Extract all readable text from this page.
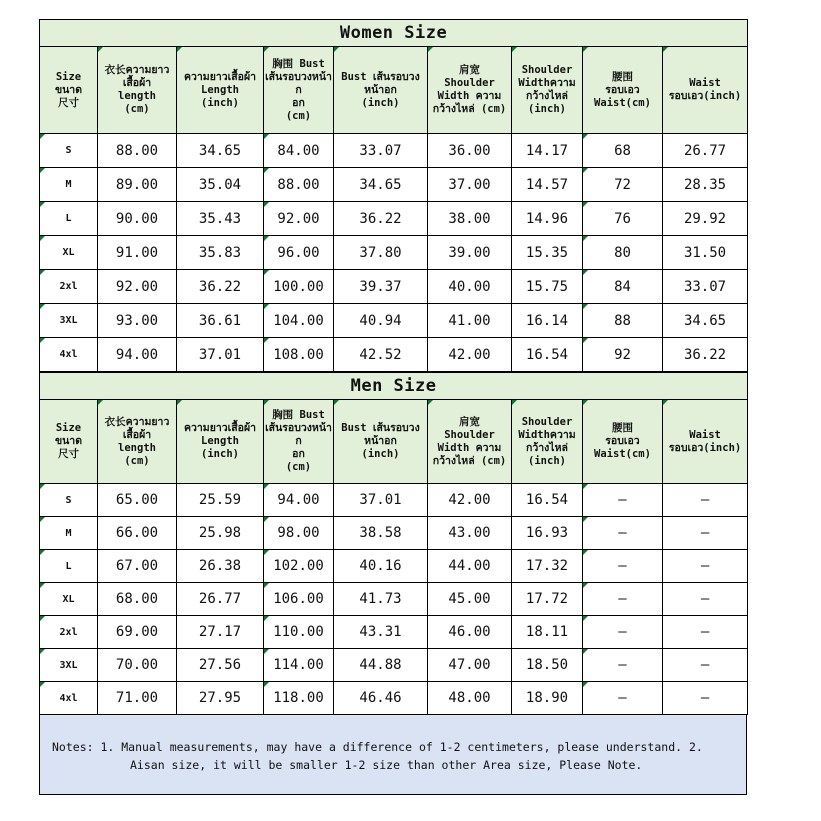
Women Size								

Size
ขนาด
尺寸	衣长ความยาว
เสื้อผ้า
length
(cm)	ความยาวเสื้อผ้า
Length
(inch)	胸围 Bust
เส้นรอบวงหน้าก
อก
(cm)	Bust เส้นรอบวง
หน้าอก
(inch)	肩宽
Shoulder
Width ความ
กว้างไหล่ (cm)	Shoulder
Widthความ
กว้างไหล่
(inch)	腰围
รอบเอว
Waist(cm)	Waist
รอบเอว(inch)

S	88.00	34.65	84.00	33.07	36.00	14.17	68	26.77
M	89.00	35.04	88.00	34.65	37.00	14.57	72	28.35
L	90.00	35.43	92.00	36.22	38.00	14.96	76	29.92
XL	91.00	35.83	96.00	37.80	39.00	15.35	80	31.50
2xl	92.00	36.22	100.00	39.37	40.00	15.75	84	33.07
3XL	93.00	36.61	104.00	40.94	41.00	16.14	88	34.65
4xl	94.00	37.01	108.00	42.52	42.00	16.54	92	36.22
Men Size								

Size
ขนาด
尺寸	衣长ความยาว
เสื้อผ้า
length
(cm)	ความยาวเสื้อผ้า
Length
(inch)	胸围 Bust
เส้นรอบวงหน้าก
อก
(cm)	Bust เส้นรอบวง
หน้าอก
(inch)	肩宽
Shoulder
Width ความ
กว้างไหล่ (cm)	Shoulder
Widthความ
กว้างไหล่
(inch)	腰围
รอบเอว
Waist(cm)	Waist
รอบเอว(inch)

S	65.00	25.59	94.00	37.01	42.00	16.54	—	—
M	66.00	25.98	98.00	38.58	43.00	16.93	—	—
L	67.00	26.38	102.00	40.16	44.00	17.32	—	—
XL	68.00	26.77	106.00	41.73	45.00	17.72	—	—
2xl	69.00	27.17	110.00	43.31	46.00	18.11	—	—
3XL	70.00	27.56	114.00	44.88	47.00	18.50	—	—
4xl	71.00	27.95	118.00	46.46	48.00	18.90	—	—
Notes: 1. Manual measurements, may have a difference of 1-2 centimeters, please understand. 2.
Aisan size, it will be smaller 1-2 size than other Area size, Please Note.
